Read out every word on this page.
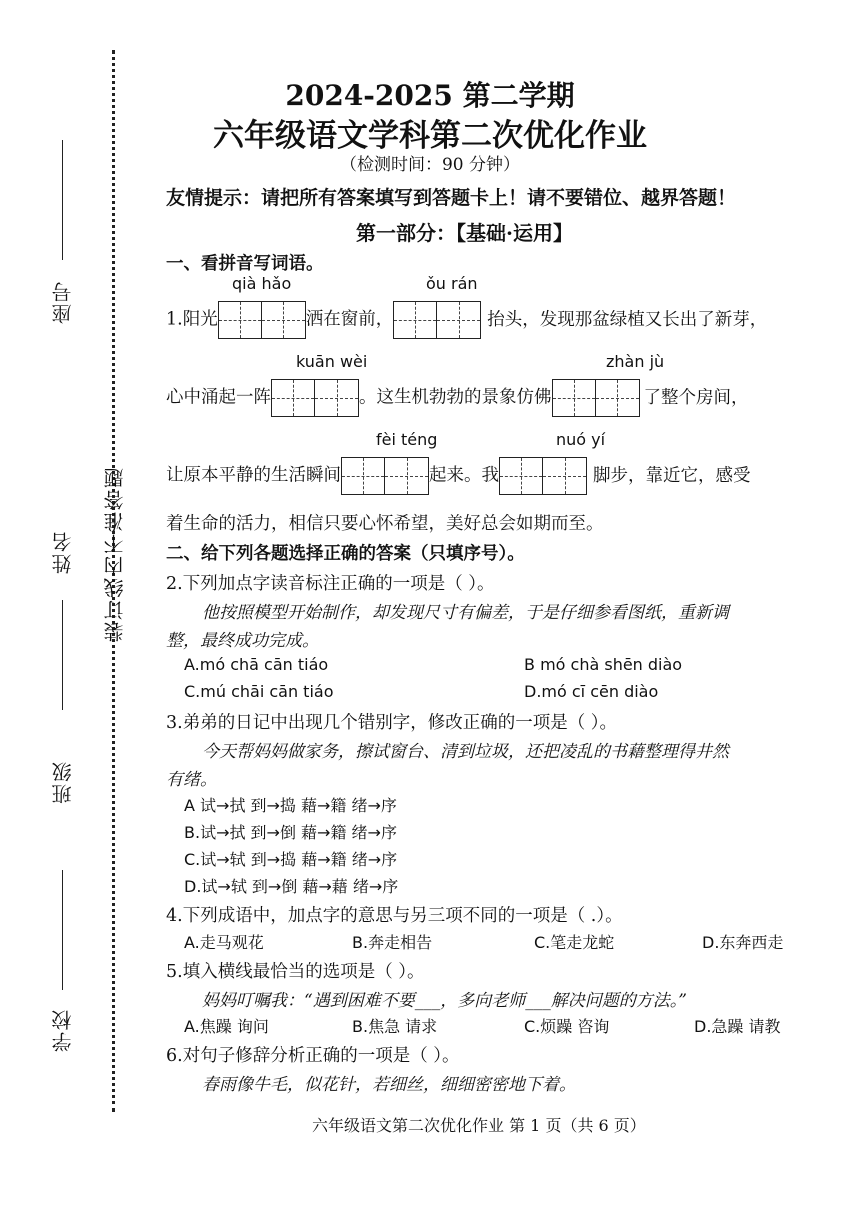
装订线内不准答题
座号
姓名
班级
学校
2024-2025 第二学期
六年级语文学科第二次优化作业
（检测时间：90 分钟）
友情提示：请把所有答案填写到答题卡上！请不要错位、越界答题！
第一部分：【基础·运用】
一、看拼音写词语。
qià hǎo	ǒu rán
1.阳光	洒在窗前，	抬头，发现那盆绿植又长出了新芽，
kuān wèi	zhàn jù
心中涌起一阵	。这生机勃勃的景象仿佛	了整个房间，
fèi téng	nuó yí
让原本平静的生活瞬间	起来。我	脚步，靠近它，感受
着生命的活力，相信只要心怀希望，美好总会如期而至。
二、给下列各题选择正确的答案（只填序号）。
2.下列加点字读音标注正确的一项是（ ）。
他按照模型开始制作，却发现尺寸有偏差，于是仔细参看图纸，重新调
整，最终成功完成。
A.mó chā cān tiáo	B mó chà shēn diào
C.mú chāi cān tiáo	D.mó cī cēn diào
3.弟弟的日记中出现几个错别字，修改正确的一项是（ ）。
今天帮妈妈做家务，擦试窗台、清到垃圾，还把凌乱的书藉整理得井然
有绪。
A 试→拭 到→捣 藉→籍 绪→序
B.试→拭 到→倒 藉→籍 绪→序
C.试→轼 到→捣 藉→籍 绪→序
D.试→轼 到→倒 藉→藉 绪→序
4.下列成语中，加点字的意思与另三项不同的一项是（ .）。
A.走马观花	B.奔走相告	C.笔走龙蛇	D.东奔西走
5.填入横线最恰当的选项是（ ）。
妈妈叮嘱我：“遇到困难不要___，多向老师___解决问题的方法。”
A.焦躁 询问	B.焦急 请求	C.烦躁 咨询	D.急躁 请教
6.对句子修辞分析正确的一项是（ ）。
春雨像牛毛，似花针，若细丝，细细密密地下着。
六年级语文第二次优化作业 第 1 页（共 6 页）
